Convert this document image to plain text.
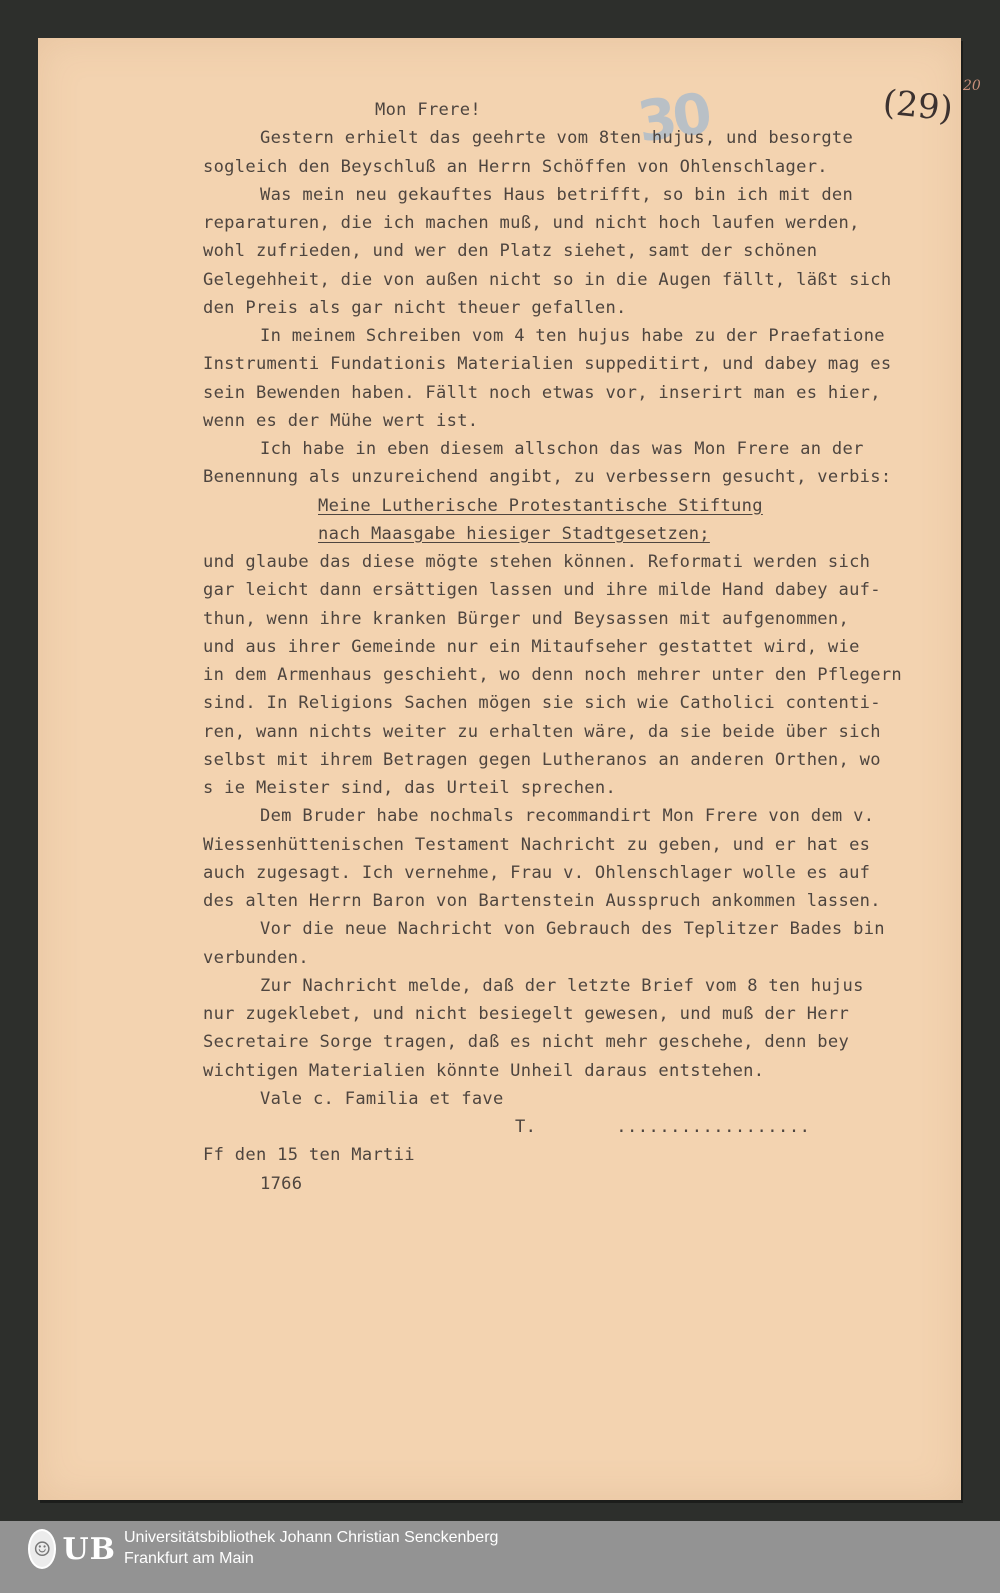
30	(29) 20
Mon Frere!
Gestern erhielt das geehrte vom 8ten hujus, und besorgte
sogleich den Beyschluß an Herrn Schöffen von Ohlenschlager.
Was mein neu gekauftes Haus betrifft, so bin ich mit den
reparaturen, die ich machen muß, und nicht hoch laufen werden,
wohl zufrieden, und wer den Platz siehet, samt der schönen
Gelegehheit, die von außen nicht so in die Augen fällt, läßt sich
den Preis als gar nicht theuer gefallen.
In meinem Schreiben vom 4 ten hujus habe zu der Praefatione
Instrumenti Fundationis Materialien suppeditirt, und dabey mag es
sein Bewenden haben. Fällt noch etwas vor, inserirt man es hier,
wenn es der Mühe wert ist.
Ich habe in eben diesem allschon das was Mon Frere an der
Benennung als unzureichend angibt, zu verbessern gesucht, verbis:
Meine Lutherische Protestantische Stiftung
nach Maasgabe hiesiger Stadtgesetzen;
und glaube das diese mögte stehen können. Reformati werden sich
gar leicht dann ersättigen lassen und ihre milde Hand dabey auf-
thun, wenn ihre kranken Bürger und Beysassen mit aufgenommen,
und aus ihrer Gemeinde nur ein Mitaufseher gestattet wird, wie
in dem Armenhaus geschieht, wo denn noch mehrer unter den Pflegern
sind. In Religions Sachen mögen sie sich wie Catholici contenti-
ren, wann nichts weiter zu erhalten wäre, da sie beide über sich
selbst mit ihrem Betragen gegen Lutheranos an anderen Orthen, wo
s ie Meister sind, das Urteil sprechen.
Dem Bruder habe nochmals recommandirt Mon Frere von dem v.
Wiessenhüttenischen Testament Nachricht zu geben, und er hat es
auch zugesagt. Ich vernehme, Frau v. Ohlenschlager wolle es auf
des alten Herrn Baron von Bartenstein Ausspruch ankommen lassen.
Vor die neue Nachricht von Gebrauch des Teplitzer Bades bin
verbunden.
Zur Nachricht melde, daß der letzte Brief vom 8 ten hujus
nur zugeklebet, und nicht besiegelt gewesen, und muß der Herr
Secretaire Sorge tragen, daß es nicht mehr geschehe, denn bey
wichtigen Materialien könnte Unheil daraus entstehen.
Vale c. Familia et fave
T.	..................
Ff den 15 ten Martii
1766
☺ UB Universitätsbibliothek Johann Christian Senckenberg
Frankfurt am Main
